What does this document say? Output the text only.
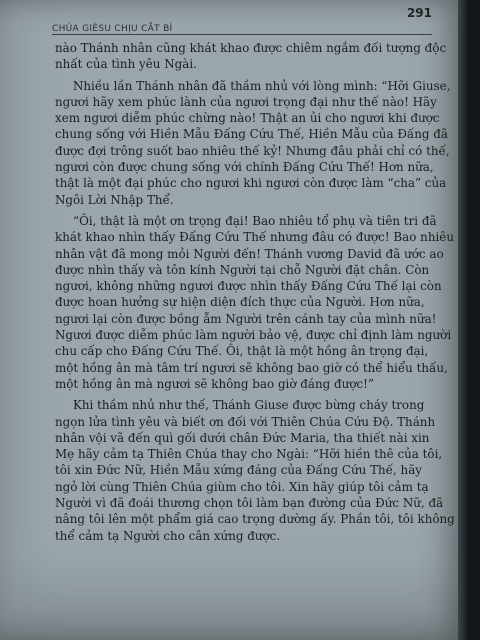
CHÚA GIÊSU CHỊU CẮT BÌ
291
nào Thánh nhân cũng khát khao được chiêm ngắm đối tượng độc
nhất của tình yêu Ngài.
Nhiều lần Thánh nhân đã thầm nhủ với lòng mình: “Hỡi Giuse,
ngươi hãy xem phúc lành của ngươi trọng đại như thế nào! Hãy
xem ngươi diễm phúc chừng nào! Thật an ủi cho ngươi khi được
chung sống với Hiền Mẫu Đấng Cứu Thế, Hiền Mẫu của Đấng đã
được đợi trông suốt bao nhiêu thế kỷ! Nhưng đâu phải chỉ có thế,
ngươi còn được chung sống với chính Đấng Cứu Thế! Hơn nữa,
thật là một đại phúc cho ngươi khi ngươi còn được làm “cha” của
Ngôi Lời Nhập Thể.
“Ôi, thật là một ơn trọng đại! Bao nhiêu tổ phụ và tiên tri đã
khát khao nhìn thấy Đấng Cứu Thế nhưng đâu có được! Bao nhiêu
nhân vật đã mong mỏi Người đến! Thánh vương David đã ước ao
được nhìn thấy và tôn kính Người tại chỗ Người đặt chân. Còn
ngươi, không những ngươi được nhìn thấy Đấng Cứu Thế lại còn
được hoan hưởng sự hiện diện đích thực của Người. Hơn nữa,
ngươi lại còn được bồng ẵm Người trên cánh tay của mình nữa!
Ngươi được diễm phúc làm người bảo vệ, được chỉ định làm người
chu cấp cho Đấng Cứu Thế. Ôi, thật là một hồng ân trọng đại,
một hồng ân mà tâm trí ngươi sẽ không bao giờ có thể hiểu thấu,
một hồng ân mà ngươi sẽ không bao giờ đáng được!”
Khi thầm nhủ như thế, Thánh Giuse được bừng cháy trong
ngọn lửa tình yêu và biết ơn đối với Thiên Chúa Cứu Độ. Thánh
nhân vội vã đến quì gối dưới chân Đức Maria, tha thiết nài xin
Mẹ hãy cảm tạ Thiên Chúa thay cho Ngài: “Hỡi hiền thê của tôi,
tôi xin Đức Nữ, Hiền Mẫu xứng đáng của Đấng Cứu Thế, hãy
ngỏ lời cùng Thiên Chúa giùm cho tôi. Xin hãy giúp tôi cảm tạ
Người vì đã đoái thương chọn tôi làm bạn đường của Đức Nữ, đã
nâng tôi lên một phẩm giá cao trọng dường ấy. Phần tôi, tôi không
thể cảm tạ Người cho cân xứng được.
